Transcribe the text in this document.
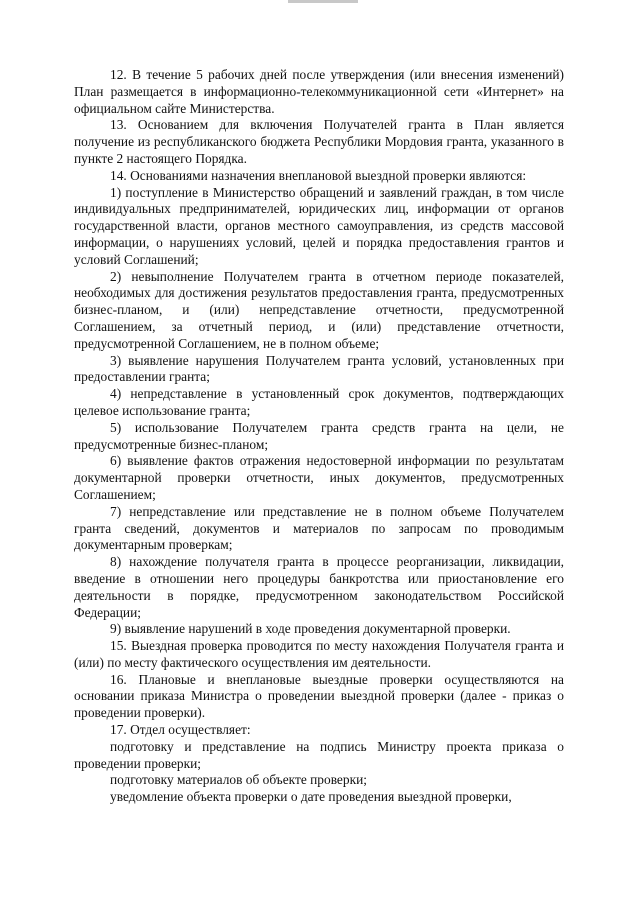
12. В течение 5 рабочих дней после утверждения (или внесения изменений) План размещается в информационно-телекоммуникационной сети «Интернет» на официальном сайте Министерства.

13. Основанием для включения Получателей гранта в План является получение из республиканского бюджета Республики Мордовия гранта, указанного в пункте 2 настоящего Порядка.

14. Основаниями назначения внеплановой выездной проверки являются:

1) поступление в Министерство обращений и заявлений граждан, в том числе индивидуальных предпринимателей, юридических лиц, информации от органов государственной власти, органов местного самоуправления, из средств массовой информации, о нарушениях условий, целей и порядка предоставления грантов и условий Соглашений;

2) невыполнение Получателем гранта в отчетном периоде показателей, необходимых для достижения результатов предоставления гранта, предусмотренных бизнес-планом, и (или) непредставление отчетности, предусмотренной Соглашением, за отчетный период, и (или) представление отчетности, предусмотренной Соглашением, не в полном объеме;

3) выявление нарушения Получателем гранта условий, установленных при предоставлении гранта;

4) непредставление в установленный срок документов, подтверждающих целевое использование гранта;

5) использование Получателем гранта средств гранта на цели, не предусмотренные бизнес-планом;

6) выявление фактов отражения недостоверной информации по результатам документарной проверки отчетности, иных документов, предусмотренных Соглашением;

7) непредставление или представление не в полном объеме Получателем гранта сведений, документов и материалов по запросам по проводимым документарным проверкам;

8) нахождение получателя гранта в процессе реорганизации, ликвидации, введение в отношении него процедуры банкротства или приостановление его деятельности в порядке, предусмотренном законодательством Российской Федерации;

9) выявление нарушений в ходе проведения документарной проверки.

15. Выездная проверка проводится по месту нахождения Получателя гранта и (или) по месту фактического осуществления им деятельности.

16. Плановые и внеплановые выездные проверки осуществляются на основании приказа Министра о проведении выездной проверки (далее - приказ о проведении проверки).

17. Отдел осуществляет:

подготовку и представление на подпись Министру проекта приказа о проведении проверки;

подготовку материалов об объекте проверки;

уведомление объекта проверки о дате проведения выездной проверки,
